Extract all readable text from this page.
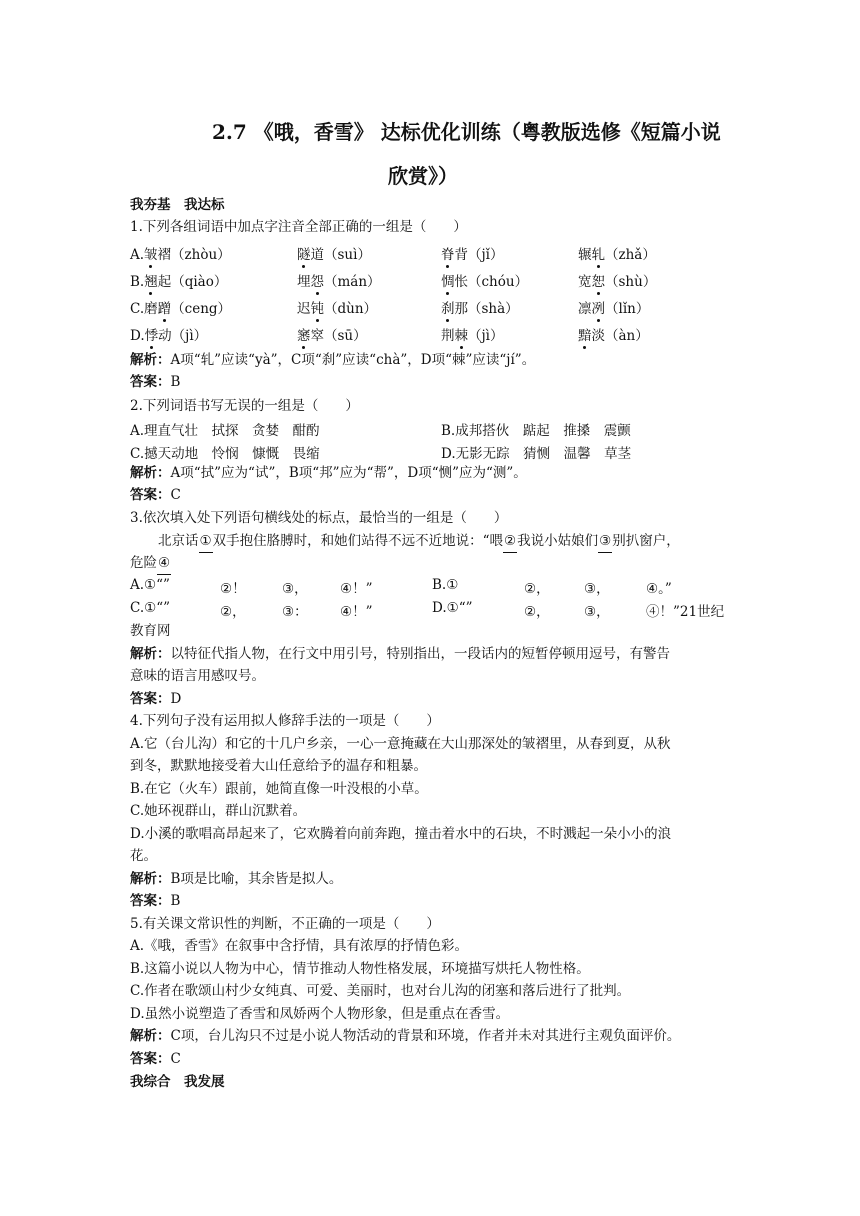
2.7 《哦，香雪》 达标优化训练（粤教版选修《短篇小说
欣赏》）
我夯基　我达标
1.下列各组词语中加点字注音全部正确的一组是（　　）
A.皱褶（zhòu）	隧道（suì）	脊背（jǐ）	辗轧（zhǎ）
B.翘起（qiào）	埋怨（mán）	惆怅（chóu）	宽恕（shù）
C.磨蹭（ceng）	迟钝（dùn）	刹那（shà）	凛冽（lǐn）
D.悸动（jì）	窸窣（sū）	荆棘（jì）	黯淡（àn）
解析：A项“轧”应读“yà”，C项“刹”应读“chà”，D项“棘”应读“jí”。
答案：B
2.下列词语书写无误的一组是（　　）
A.理直气壮　拭探　贪婪　酣酌	B.成邦搭伙　踮起　推搡　震颤
C.撼天动地　怜悯　慷慨　畏缩	D.无影无踪　猜恻　温馨　草茎
解析：A项“拭”应为“试”，B项“邦”应为“帮”，D项“恻”应为“测”。
答案：C
3.依次填入处下列语句横线处的标点，最恰当的一组是（　　）
北京话①双手抱住胳膊时，和她们站得不远不近地说：“喂②我说小姑娘们③别扒窗户，
危险④
A.①“”	②！	③， ④！”	B.①	②，	③，	④。”
C.①“”	②，	③： ④！”	D.①“”	②，	③，	④！”21世纪
教育网
解析：以特征代指人物，在行文中用引号，特别指出，一段话内的短暂停顿用逗号，有警告
意味的语言用感叹号。
答案：D
4.下列句子没有运用拟人修辞手法的一项是（　　）
A.它（台儿沟）和它的十几户乡亲，一心一意掩藏在大山那深处的皱褶里，从春到夏，从秋
到冬，默默地接受着大山任意给予的温存和粗暴。
B.在它（火车）跟前，她简直像一叶没根的小草。
C.她环视群山，群山沉默着。
D.小溪的歌唱高昂起来了，它欢腾着向前奔跑，撞击着水中的石块，不时溅起一朵小小的浪
花。
解析：B项是比喻，其余皆是拟人。
答案：B
5.有关课文常识性的判断，不正确的一项是（　　）
A.《哦，香雪》在叙事中含抒情，具有浓厚的抒情色彩。
B.这篇小说以人物为中心，情节推动人物性格发展，环境描写烘托人物性格。
C.作者在歌颂山村少女纯真、可爱、美丽时，也对台儿沟的闭塞和落后进行了批判。
D.虽然小说塑造了香雪和凤娇两个人物形象，但是重点在香雪。
解析：C项，台儿沟只不过是小说人物活动的背景和环境，作者并未对其进行主观负面评价。
答案：C
我综合　我发展
